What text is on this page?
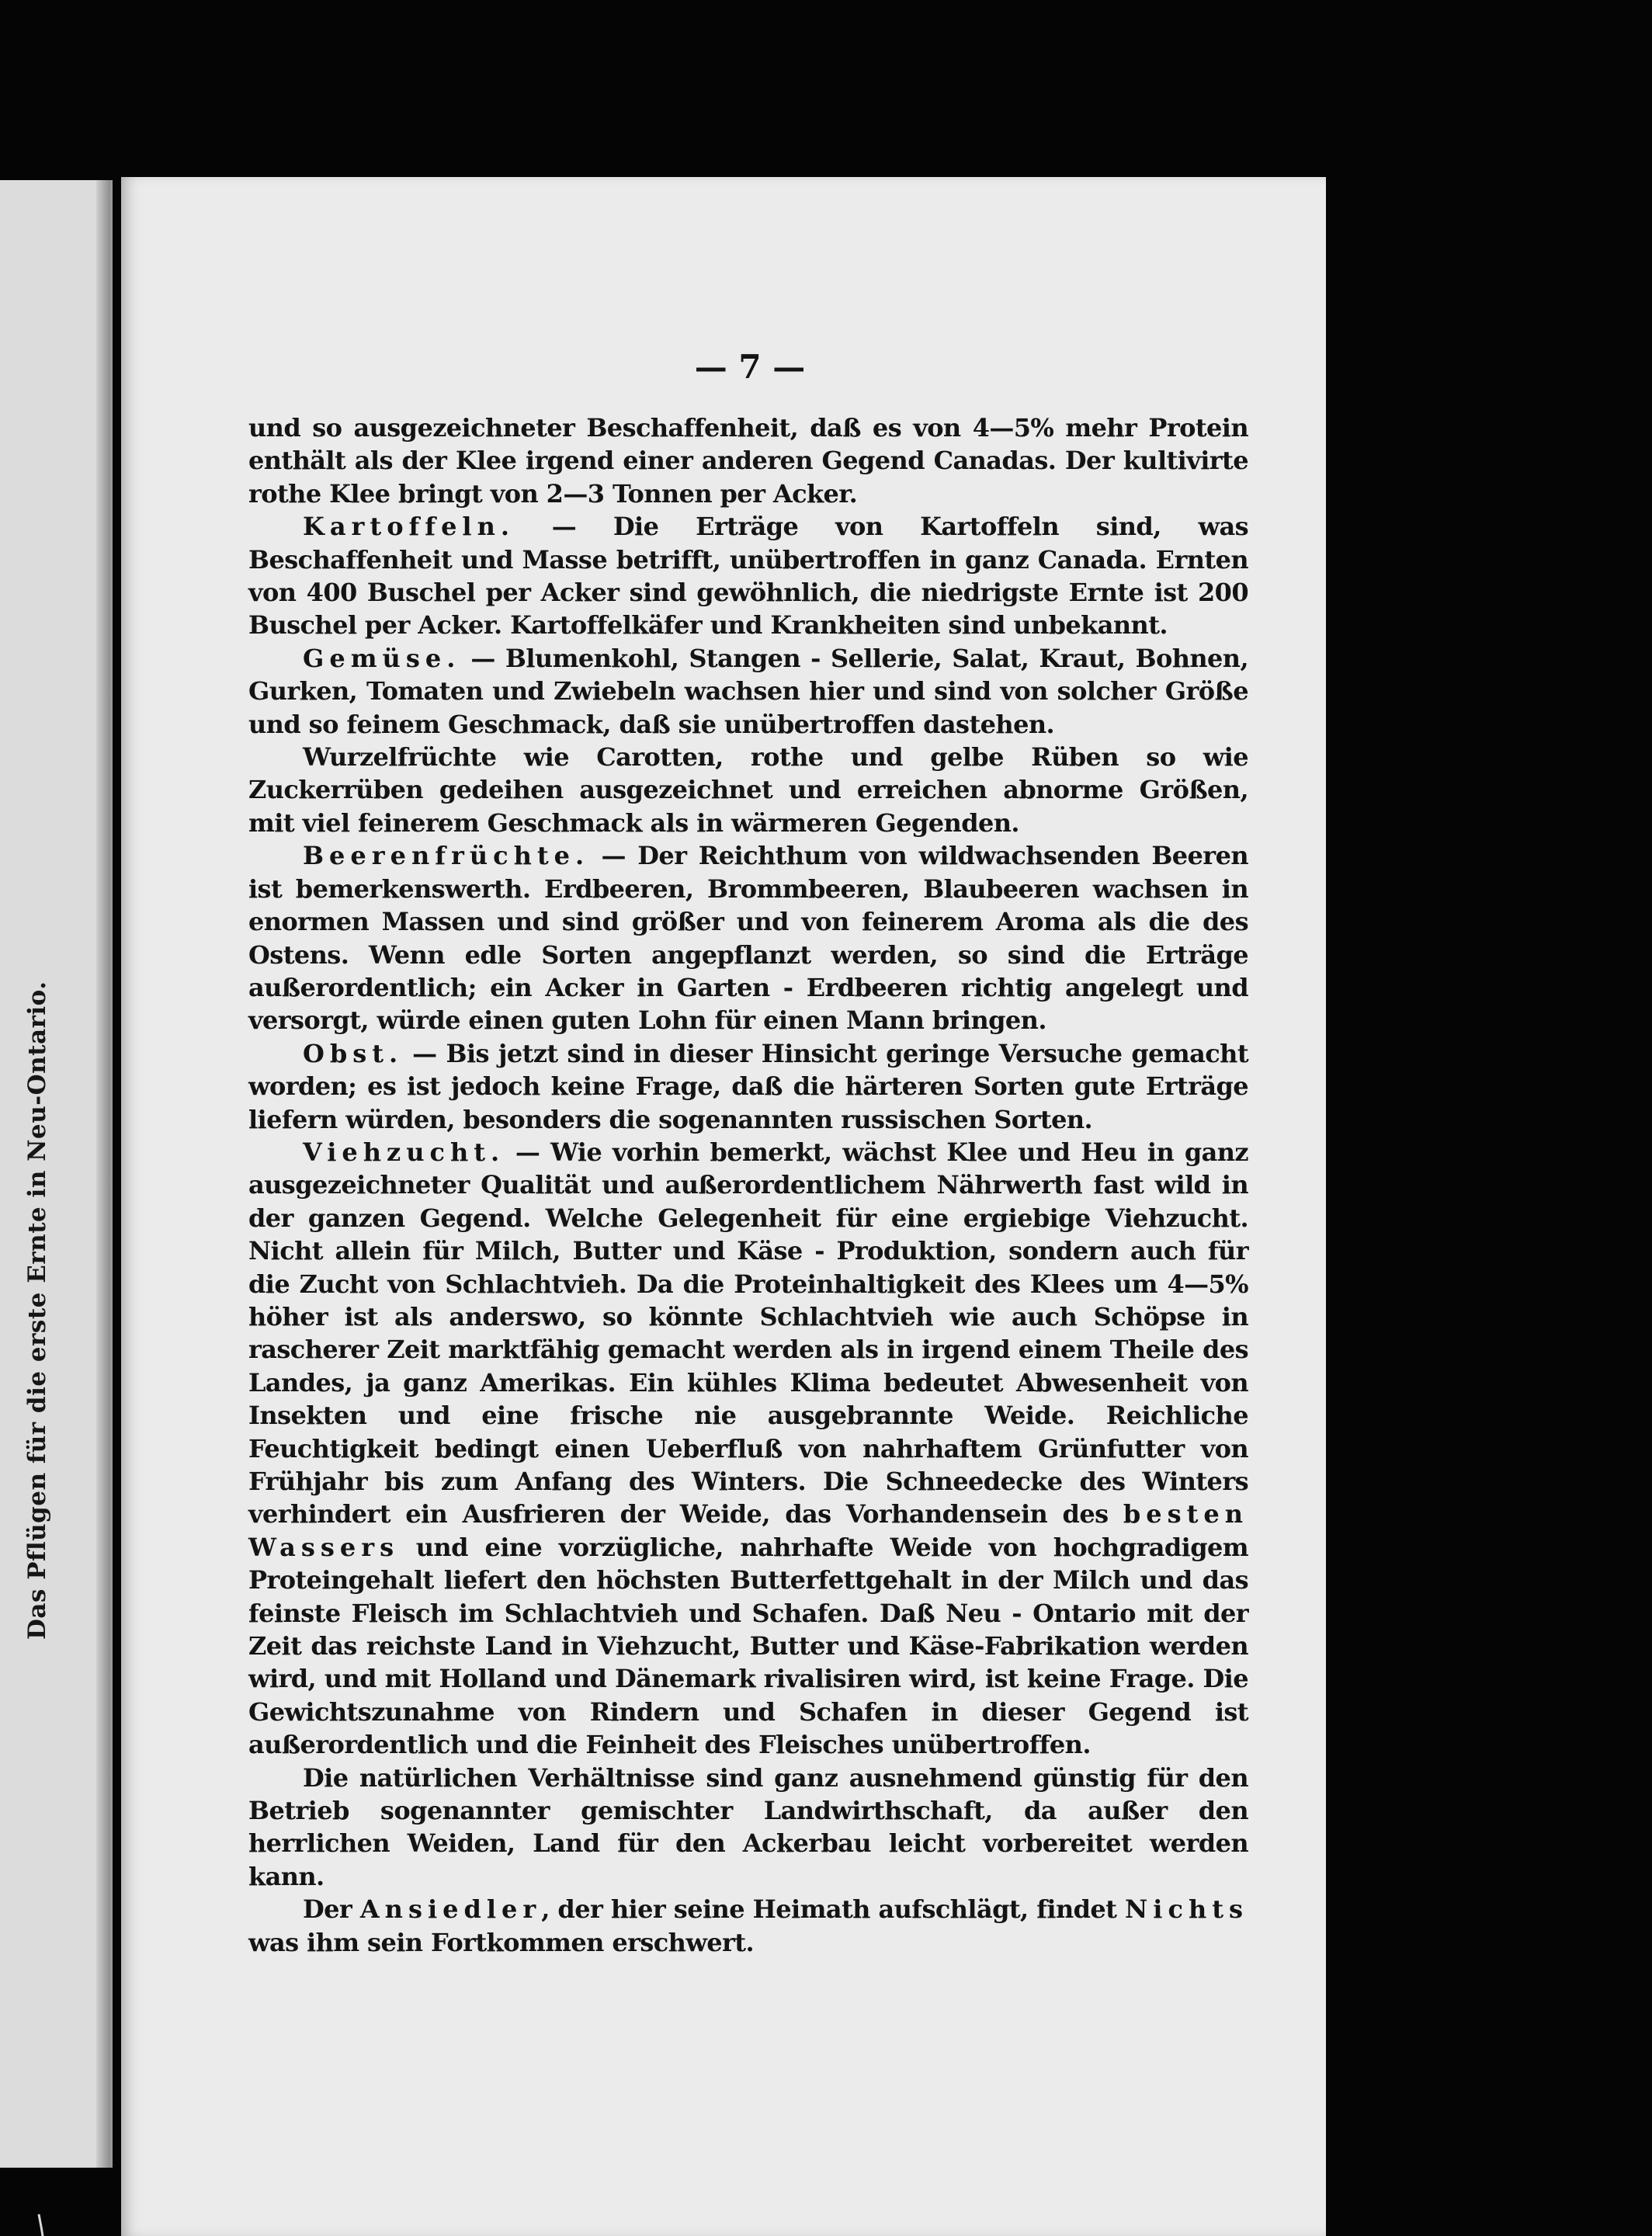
Das Pflügen für die erste Ernte in Neu-Ontario.
— 7 —

und so ausgezeichneter Beschaffenheit, daß es von 4—5% mehr Protein enthält als der Klee irgend einer anderen Gegend Canadas. Der kultivirte rothe Klee bringt von 2—3 Tonnen per Acker.

Kartoffeln. — Die Erträge von Kartoffeln sind, was Beschaffenheit und Masse betrifft, unübertroffen in ganz Canada. Ernten von 400 Buschel per Acker sind gewöhnlich, die niedrigste Ernte ist 200 Buschel per Acker. Kartoffelkäfer und Krankheiten sind unbekannt.

Gemüse. — Blumenkohl, Stangen - Sellerie, Salat, Kraut, Bohnen, Gurken, Tomaten und Zwiebeln wachsen hier und sind von solcher Größe und so feinem Geschmack, daß sie unübertroffen dastehen.

Wurzelfrüchte wie Carotten, rothe und gelbe Rüben so wie Zuckerrüben gedeihen ausgezeichnet und erreichen abnorme Größen, mit viel feinerem Geschmack als in wärmeren Gegenden.

Beerenfrüchte. — Der Reichthum von wildwachsenden Beeren ist bemerkenswerth. Erdbeeren, Brommbeeren, Blaubeeren wachsen in enormen Massen und sind größer und von feinerem Aroma als die des Ostens. Wenn edle Sorten angepflanzt werden, so sind die Erträge außerordentlich; ein Acker in Garten - Erdbeeren richtig angelegt und versorgt, würde einen guten Lohn für einen Mann bringen.

Obst. — Bis jetzt sind in dieser Hinsicht geringe Versuche gemacht worden; es ist jedoch keine Frage, daß die härteren Sorten gute Erträge liefern würden, besonders die sogenannten russischen Sorten.

Viehzucht. — Wie vorhin bemerkt, wächst Klee und Heu in ganz ausgezeichneter Qualität und außerordentlichem Nährwerth fast wild in der ganzen Gegend. Welche Gelegenheit für eine ergiebige Viehzucht. Nicht allein für Milch, Butter und Käse - Produktion, sondern auch für die Zucht von Schlachtvieh. Da die Proteinhaltigkeit des Klees um 4—5% höher ist als anderswo, so könnte Schlachtvieh wie auch Schöpse in rascherer Zeit marktfähig gemacht werden als in irgend einem Theile des Landes, ja ganz Amerikas. Ein kühles Klima bedeutet Abwesenheit von Insekten und eine frische nie ausgebrannte Weide. Reichliche Feuchtigkeit bedingt einen Ueberfluß von nahrhaftem Grünfutter von Frühjahr bis zum Anfang des Winters. Die Schneedecke des Winters verhindert ein Ausfrieren der Weide, das Vorhandensein des besten Wassers und eine vorzügliche, nahrhafte Weide von hochgradigem Proteingehalt liefert den höchsten Butterfettgehalt in der Milch und das feinste Fleisch im Schlachtvieh und Schafen. Daß Neu - Ontario mit der Zeit das reichste Land in Viehzucht, Butter und Käse-Fabrikation werden wird, und mit Holland und Dänemark rivalisiren wird, ist keine Frage. Die Gewichtszunahme von Rindern und Schafen in dieser Gegend ist außerordentlich und die Feinheit des Fleisches unübertroffen.

Die natürlichen Verhältnisse sind ganz ausnehmend günstig für den Betrieb sogenannter gemischter Landwirthschaft, da außer den herrlichen Weiden, Land für den Ackerbau leicht vorbereitet werden kann.

Der Ansiedler, der hier seine Heimath aufschlägt, findet Nichts was ihm sein Fortkommen erschwert.
